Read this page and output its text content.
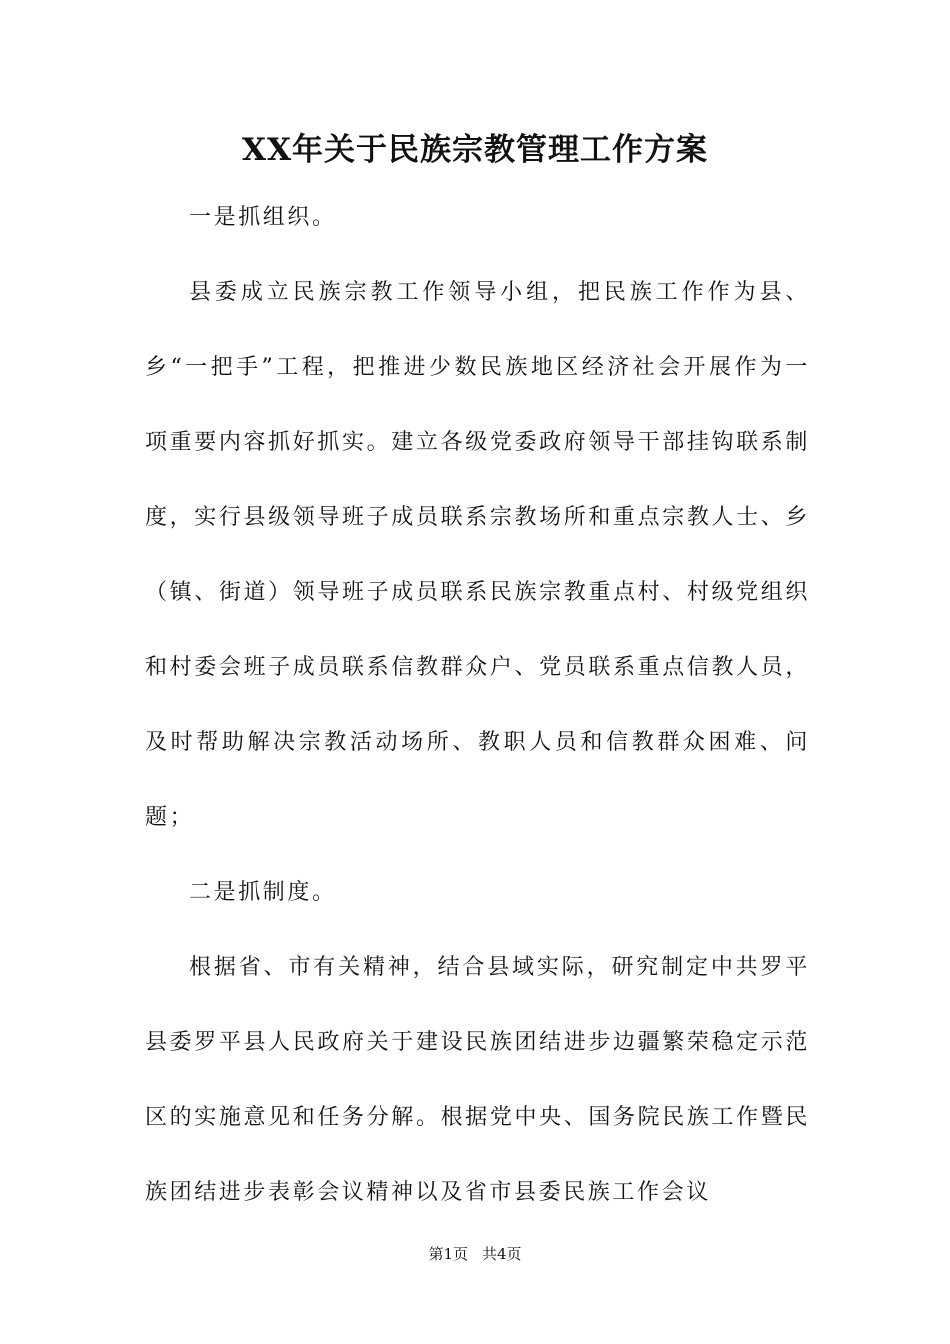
XX年关于民族宗教管理工作方案

一是抓组织。

县委成立民族宗教工作领导小组，把民族工作作为县、乡“一把手”工程，把推进少数民族地区经济社会开展作为一项重要内容抓好抓实。建立各级党委政府领导干部挂钩联系制度，实行县级领导班子成员联系宗教场所和重点宗教人士、乡（镇、街道）领导班子成员联系民族宗教重点村、村级党组织和村委会班子成员联系信教群众户、党员联系重点信教人员，及时帮助解决宗教活动场所、教职人员和信教群众困难、问题；

二是抓制度。

根据省、市有关精神，结合县域实际，研究制定中共罗平县委罗平县人民政府关于建设民族团结进步边疆繁荣稳定示范区的实施意见和任务分解。根据党中央、国务院民族工作暨民族团结进步表彰会议精神以及省市县委民族工作会议

第1页 共4页
